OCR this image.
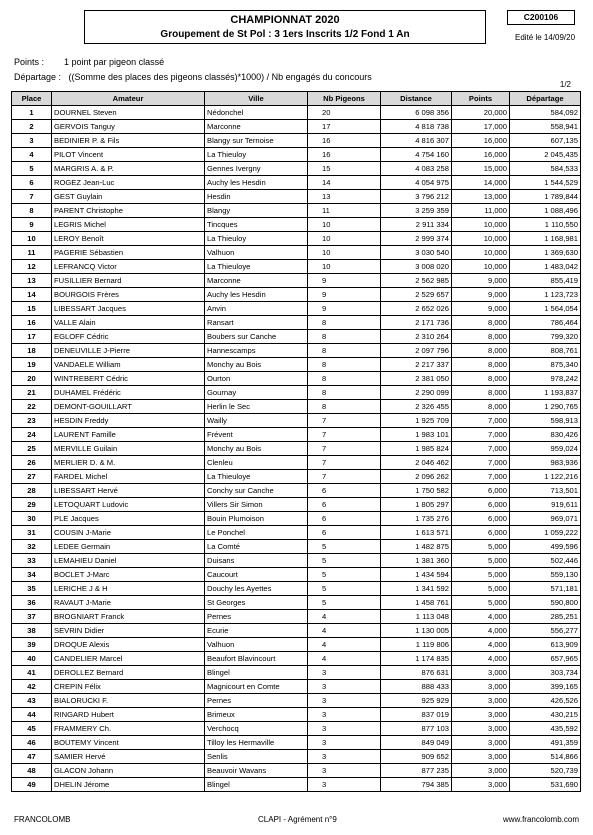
CHAMPIONNAT 2020
Groupement de St Pol : 3 1ers Inscrits 1/2 Fond 1 An
C200106
Edité le 14/09/20
Points :        1 point par pigeon classé
Départage :   ((Somme des places des pigeons classés)*1000) / Nb engagés du concours
1/2
Place	Amateur	Ville	Nb Pigeons	Distance	Points	Départage
1	DOURNEL Steven	Nédonchel	20	6 098 356	20,000	584,092
2	GERVOIS Tanguy	Marconne	17	4 818 738	17,000	558,941
3	BEDINIER P. & Fils	Blangy sur Ternoise	16	4 816 307	16,000	607,135
4	PILOT Vincent	La Thieuloy	16	4 754 160	16,000	2 045,435
5	MARGRIS A. & P.	Gennes Ivergny	15	4 083 258	15,000	584,533
6	ROGEZ Jean-Luc	Auchy les Hesdin	14	4 054 975	14,000	1 544,529
7	GEST Guylain	Hesdin	13	3 796 212	13,000	1 789,844
8	PARENT Christophe	Blangy	11	3 259 359	11,000	1 088,496
9	LEGRIS Michel	Tincques	10	2 911 334	10,000	1 110,550
10	LEROY Benoît	La Thieuloy	10	2 999 374	10,000	1 168,981
11	PAGERIE Sébastien	Valhuon	10	3 030 540	10,000	1 369,630
12	LEFRANCQ Victor	La Thieuloye	10	3 008 020	10,000	1 483,042
13	FUSILLIER Bernard	Marconne	9	2 562 985	9,000	855,419
14	BOURGOIS Frères	Auchy les Hesdin	9	2 529 657	9,000	1 123,723
15	LIBESSART Jacques	Anvin	9	2 652 026	9,000	1 564,054
16	VALLE Alain	Ransart	8	2 171 736	8,000	786,464
17	EGLOFF Cédric	Boubers sur Canche	8	2 310 264	8,000	799,320
18	DENEUVILLE J-Pierre	Hannescamps	8	2 097 796	8,000	808,761
19	VANDAELE William	Monchy au Bois	8	2 217 337	8,000	875,340
20	WINTREBERT Cédric	Ourton	8	2 381 050	8,000	978,242
21	DUHAMEL Frédéric	Gournay	8	2 290 099	8,000	1 193,837
22	DEMONT-GOUILLART	Herlin le Sec	8	2 326 455	8,000	1 290,765
23	HESDIN Freddy	Wailly	7	1 925 709	7,000	598,913
24	LAURENT Famille	Frévent	7	1 983 101	7,000	830,426
25	MERVILLE Guilain	Monchy au Bois	7	1 985 824	7,000	959,024
26	MERLIER D. & M.	Clenleu	7	2 046 462	7,000	983,936
27	FARDEL Michel	La Thieuloye	7	2 096 262	7,000	1 122,216
28	LIBESSART Hervé	Conchy sur Canche	6	1 750 582	6,000	713,501
29	LETOQUART Ludovic	Villers Sir Simon	6	1 805 297	6,000	919,611
30	PLE Jacques	Bouin Plumoison	6	1 735 276	6,000	969,071
31	COUSIN J-Marie	Le Ponchel	6	1 613 571	6,000	1 059,222
32	LEDEE Germain	La Comté	5	1 482 875	5,000	499,596
33	LEMAHIEU Daniel	Duisans	5	1 381 360	5,000	502,446
34	BOCLET J-Marc	Caucourt	5	1 434 594	5,000	559,130
35	LERICHE J & H	Douchy les Ayettes	5	1 341 592	5,000	571,181
36	RAVAUT J-Marie	St Georges	5	1 458 761	5,000	590,800
37	BROGNIART Franck	Pernes	4	1 113 048	4,000	285,251
38	SEVRIN Didier	Ecurie	4	1 130 005	4,000	556,277
39	DROQUE Alexis	Valhuon	4	1 119 806	4,000	613,909
40	CANDELIER Marcel	Beaufort Blavincourt	4	1 174 835	4,000	657,965
41	DEROLLEZ Bernard	Blingel	3	876 631	3,000	303,734
42	CREPIN Félix	Magnicourt en Comte	3	888 433	3,000	399,165
43	BIALORUCKI F.	Pernes	3	925 929	3,000	426,526
44	RINGARD Hubert	Brimeux	3	837 019	3,000	430,215
45	FRAMMERY Ch.	Verchocq	3	877 103	3,000	435,592
46	BOUTEMY Vincent	Tilloy les Hermaville	3	849 049	3,000	491,359
47	SAMIER Hervé	Senlis	3	909 652	3,000	514,866
48	GLACON Johann	Beauvoir Wavans	3	877 235	3,000	520,739
49	DHELIN Jérome	Blingel	3	794 385	3,000	531,690
FRANCOLOMB	CLAPI - Agrément n°9	www.francolomb.com
